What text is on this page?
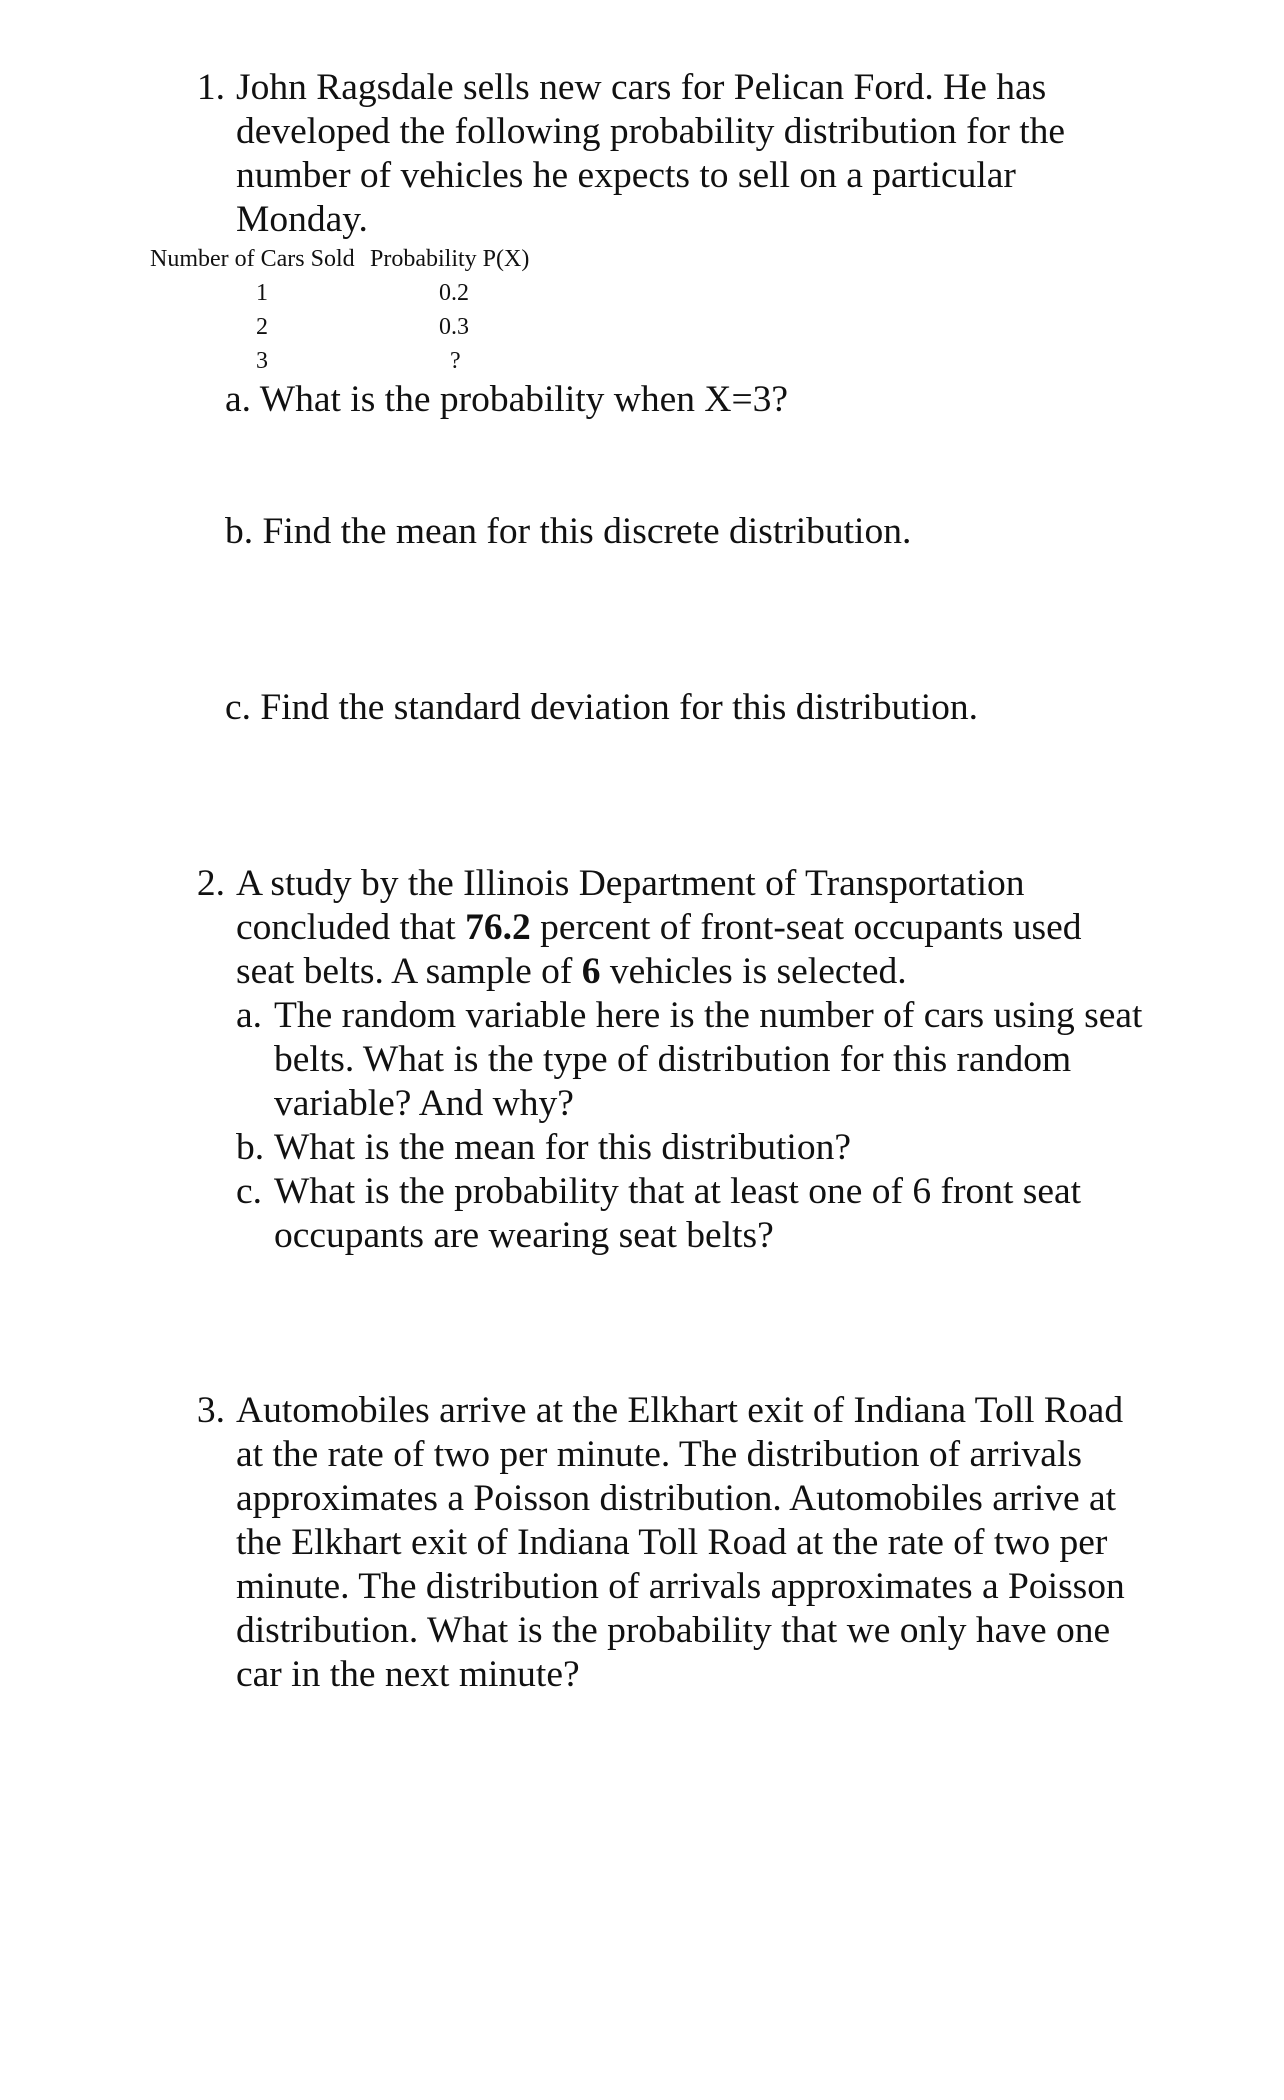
1. John Ragsdale sells new cars for Pelican Ford. He has developed the following probability distribution for the number of vehicles he expects to sell on a particular Monday.
Number of Cars Sold	Probability P(X)
1	0.2
2	0.3
3	?
a. What is the probability when X=3?
b. Find the mean for this discrete distribution.
c. Find the standard deviation for this distribution.
2. A study by the Illinois Department of Transportation concluded that 76.2 percent of front-seat occupants used seat belts. A sample of 6 vehicles is selected.
a. The random variable here is the number of cars using seat belts. What is the type of distribution for this random variable? And why?
b. What is the mean for this distribution?
c. What is the probability that at least one of 6 front seat occupants are wearing seat belts?
3. Automobiles arrive at the Elkhart exit of Indiana Toll Road at the rate of two per minute. The distribution of arrivals approximates a Poisson distribution. Automobiles arrive at the Elkhart exit of Indiana Toll Road at the rate of two per minute. The distribution of arrivals approximates a Poisson distribution. What is the probability that we only have one car in the next minute?
